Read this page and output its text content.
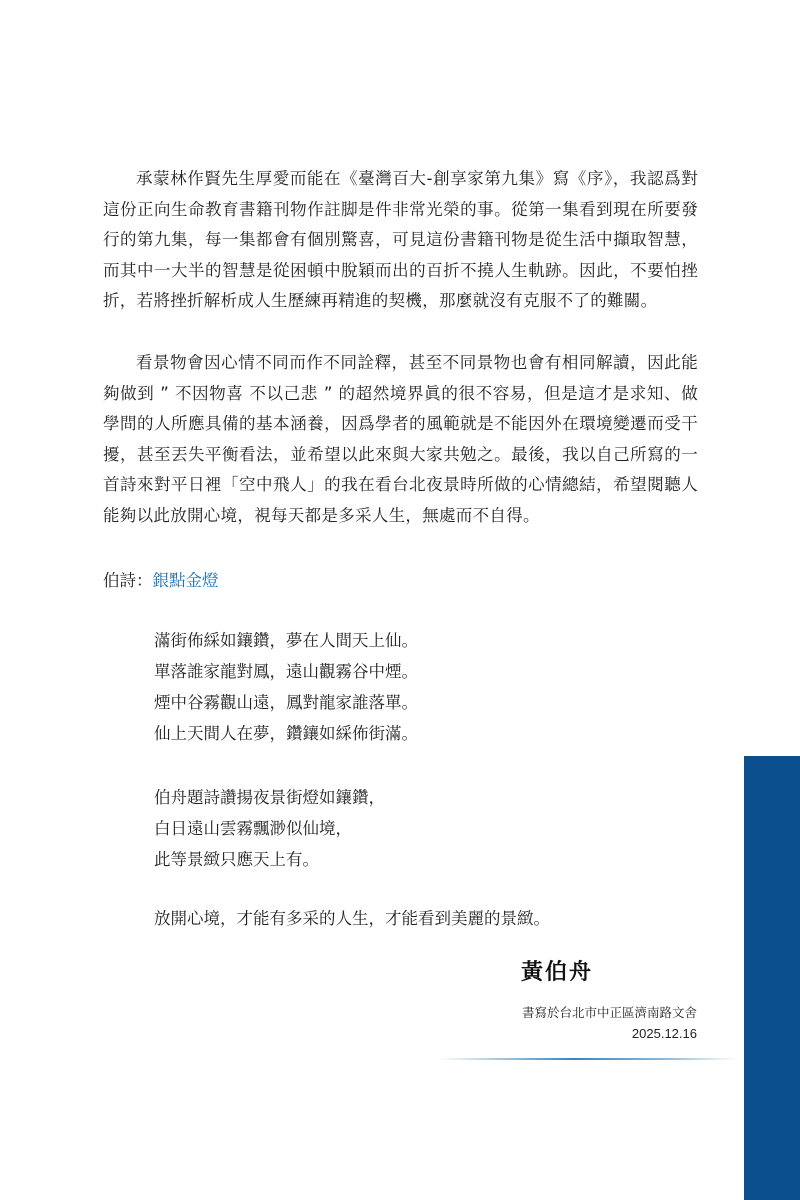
承蒙林作賢先生厚愛而能在《臺灣百大-創享家第九集》寫《序》，我認爲對這份正向生命教育書籍刊物作註脚是件非常光榮的事。從第一集看到現在所要發行的第九集，每一集都會有個別驚喜，可見這份書籍刊物是從生活中擷取智慧，而其中一大半的智慧是從困頓中脫穎而出的百折不撓人生軌跡。因此，不要怕挫折，若將挫折解析成人生歷練再精進的契機，那麼就沒有克服不了的難關。

看景物會因心情不同而作不同詮釋，甚至不同景物也會有相同解讀，因此能夠做到 ” 不因物喜 不以己悲 ” 的超然境界眞的很不容易，但是這才是求知、做學問的人所應具備的基本涵養，因爲學者的風範就是不能因外在環境變遷而受干擾，甚至丟失平衡看法，並希望以此來與大家共勉之。最後，我以自己所寫的一首詩來對平日裡「空中飛人」的我在看台北夜景時所做的心情總結，希望閱聽人能夠以此放開心境，視每天都是多采人生，無處而不自得。

伯詩：銀點金燈
滿街佈綵如鑲鑽，夢在人間天上仙。
單落誰家龍對鳳，遠山觀霧谷中煙。
煙中谷霧觀山遠，鳳對龍家誰落單。
仙上天間人在夢，鑽鑲如綵佈街滿。
伯舟題詩讚揚夜景街燈如鑲鑽，
白日遠山雲霧飄渺似仙境，
此等景緻只應天上有。
放開心境，才能有多采的人生，才能看到美麗的景緻。
黃伯舟
書寫於台北市中正區濟南路文舍
2025.12.16
